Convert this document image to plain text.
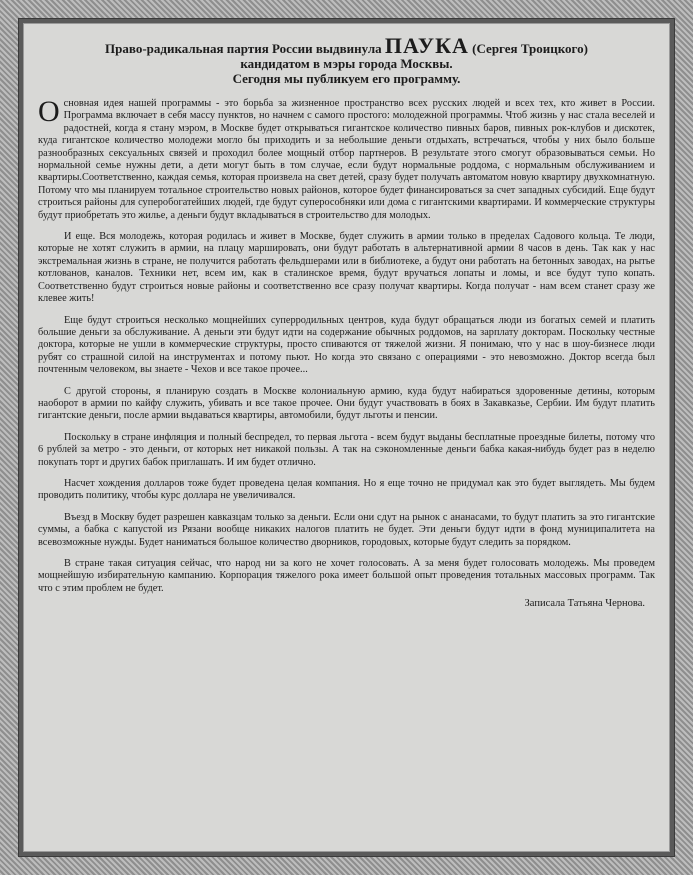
Право-радикальная партия России выдвинула ПАУКА (Сергея Троицкого)
кандидатом в мэры города Москвы.
Сегодня мы публикуем его программу.

Основная идея нашей программы - это борьба за жизненное пространство всех русских людей и всех тех, кто живет в России. Программа включает в себя массу пунктов, но начнем с самого простого: молодежной программы. Чтоб жизнь у нас стала веселей и радостней, когда я стану мэром, в Москве будет открываться гигантское количество пивных баров, пивных рок-клубов и дискотек, куда гигантское количество молодежи могло бы приходить и за небольшие деньги отдыхать, встречаться, чтобы у них было больше разнообразных сексуальных связей и проходил более мощный отбор партнеров. В результате этого смогут образовываться семьи. Но нормальной семье нужны дети, а дети могут быть в том случае, если будут нормальные роддома, с нормальным обслуживанием и квартиры.Соответственно, каждая семья, которая произвела на свет детей, сразу будет получать автоматом новую квартиру двухкомнатную. Потому что мы планируем тотальное строительство новых районов, которое будет финансироваться за счет западных субсидий. Еще будут строиться районы для суперобогатейших людей, где будут суперособняки или дома с гигантскими квартирами. И коммерческие структуры будут приобретать это жилье, а деньги будут вкладываться в строительство для молодых.

И еще. Вся молодежь, которая родилась и живет в Москве, будет служить в армии только в пределах Садового кольца. Те люди, которые не хотят служить в армии, на плацу маршировать, они будут работать в альтернативной армии 8 часов в день. Так как у нас экстремальная жизнь в стране, не получится работать фельдшерами или в библиотеке, а будут они работать на бетонных заводах, на рытье котлованов, каналов. Техники нет, всем им, как в сталинское время, будут вручаться лопаты и ломы, и все будут тупо копать. Соответственно будут строиться новые районы и соответственно все сразу получат квартиры. Когда получат - нам всем станет сразу же клевее жить!

Еще будут строиться несколько мощнейших суперродильных центров, куда будут обращаться люди из богатых семей и платить большие деньги за обслуживание. А деньги эти будут идти на содержание обычных роддомов, на зарплату докторам. Поскольку честные доктора, которые не ушли в коммерческие структуры, просто спиваются от тяжелой жизни. Я понимаю, что у нас в шоу-бизнесе люди рубят со страшной силой на инструментах и потому пьют. Но когда это связано с операциями - это невозможно. Доктор всегда был почтенным человеком, вы знаете - Чехов и все такое прочее...

С другой стороны, я планирую создать в Москве колониальную армию, куда будут набираться здоровенные детины, которым наоборот в армии по кайфу служить, убивать и все такое прочее. Они будут участвовать в боях в Закавказье, Сербии. Им будут платить гигантские деньги, после армии выдаваться квартиры, автомобили, будут льготы и пенсии.

Поскольку в стране инфляция и полный беспредел, то первая льгота - всем будут выданы бесплатные проездные билеты, потому что 6 рублей за метро - это деньги, от которых нет никакой пользы. А так на сэкономленные деньги бабка какая-нибудь будет раз в неделю покупать торт и других бабок приглашать. И им будет отлично.

Насчет хождения долларов тоже будет проведена целая компания. Но я еще точно не придумал как это будет выглядеть. Мы будем проводить политику, чтобы курс доллара не увеличивался.

Въезд в Москву будет разрешен кавказцам только за деньги. Если они сдут на рынок с ананасами, то будут платить за это гигантские суммы, а бабка с капустой из Рязани вообще никаких налогов платить не будет. Эти деньги будут идти в фонд муниципалитета на всевозможные нужды. Будет наниматься большое количество дворников, городовых, которые будут следить за порядком.

В стране такая ситуация сейчас, что народ ни за кого не хочет голосовать. А за меня будет голосовать молодежь. Мы проведем мощнейшую избирательную кампанию. Корпорация тяжелого рока имеет большой опыт проведения тотальных массовых программ. Так что с этим проблем не будет.

Записала Татьяна Чернова.
